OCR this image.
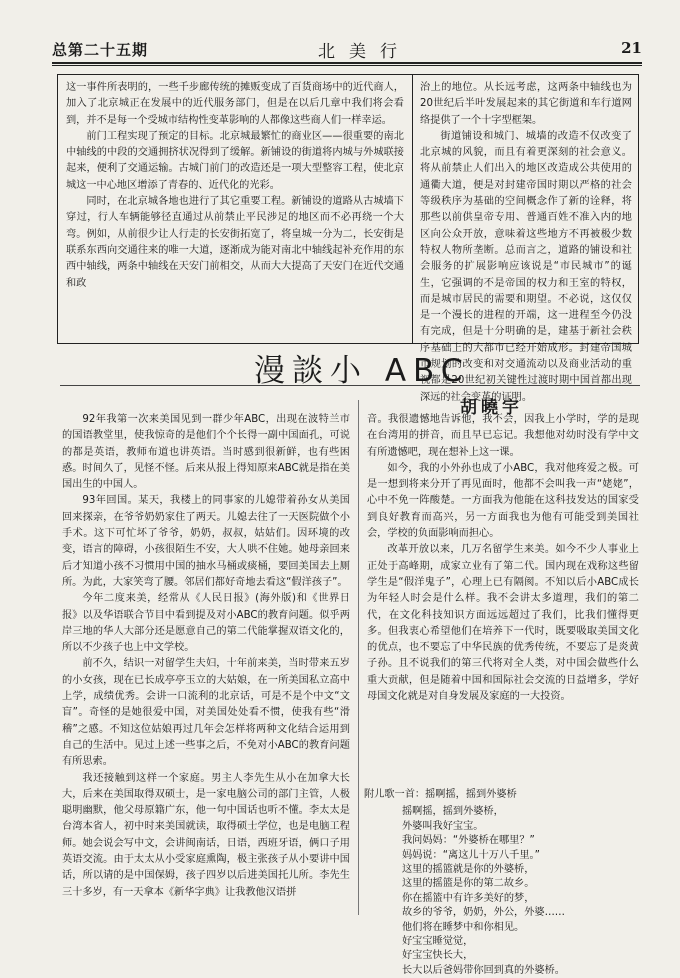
总第二十五期	北美行	21

这一事件所表明的，一些千步廊传统的摊贩变成了百货商场中的近代商人，加入了北京城正在发展中的近代服务部门，但是在以后几章中我们将会看到，并不是每一个受城市结构性变革影响的人都像这些商人们一样幸运。

前门工程实现了预定的目标。北京城最繁忙的商业区——很重要的南北中轴线的中段的交通拥挤状况得到了缓解。新铺设的街道将内城与外城联接起来，便利了交通运输。古城门前门的改造还是一项大型整容工程，使北京城这一中心地区增添了青春的、近代化的光彩。

同时，在北京城各地也进行了其它重要工程。新铺设的道路从古城墙下穿过，行人车辆能够径直通过从前禁止平民涉足的地区而不必再绕一个大弯。例如，从前很少让人行走的长安街拓宽了，将皇城一分为二，长安街是联系东西向交通往来的唯一大道，逐渐成为能对南北中轴线起补充作用的东西中轴线，两条中轴线在天安门前相交，从而大大提高了天安门在近代交通和政

治上的地位。从长远考虑，这两条中轴线也为20世纪后半叶发展起来的其它街道和车行道网络提供了一个十字型框架。

街道铺设和城门、城墙的改造不仅改变了北京城的风貌，而且有着更深刻的社会意义。将从前禁止人们出入的地区改造成公共使用的通衢大道，便是对封建帝国时期以严格的社会等级秩序为基础的空间概念作了新的诠释，将那些以前供皇帝专用、普通百姓不准入内的地区向公众开放，意味着这些地方不再被极少数特权人物所垄断。总而言之，道路的铺设和社会服务的扩展影响应该说是“市民城市”的诞生，它强调的不是帝国的权力和王室的特权，而是城市居民的需要和期望。不必说，这仅仅是一个漫长的进程的开端，这一进程至今仍没有完成，但是十分明确的是，建基于新社会秩序基础上的大都市已经开始成形。封建帝国城市规划的改变和对交通流动以及商业活动的重视都是20世纪初关键性过渡时期中国首都出现深远的社会变革的证明。

漫談小 ABC
胡曉宇

92年我第一次来美国见到一群少年ABC，出现在波特兰市的国语教堂里，使我惊奇的是他们个个长得一副中国面孔，可说的都是英语，教师布道也讲英语。当时感到很新鲜，也有些困惑。时间久了，见怪不怪。后来从报上得知原来ABC就是指在美国出生的中国人。

93年回国。某天，我楼上的同事家的儿媳带着孙女从美国回来探亲，在爷爷奶奶家住了两天。儿媳去往了一天医院做个小手术。这下可忙坏了爷爷，奶奶，叔叔，姑姑们。因环境的改变，语言的障碍，小孩很陌生不安，大人哄不住她。她母亲回来后才知道小孩不习惯用中国的抽水马桶或痰桶，要回美国去上厕所。为此，大家笑弯了腰。邻居们都好奇地去看这“假洋孩子”。

今年二度来美，经常从《人民日报》(海外版)和《世界日报》以及华语联合节目中看到提及对小ABC的教育问题。似乎两岸三地的华人大部分还是愿意自己的第二代能掌握双语文化的，所以不少孩子也上中文学校。

前不久，结识一对留学生夫妇，十年前来美，当时带来五岁的小女孩，现在已长成亭亭玉立的大姑娘，在一所美国私立高中上学，成绩优秀。会讲一口流利的北京话，可是不是个中文“文盲”。奇怪的是她很爱中国，对美国处处看不惯，使我有些“滑稽”之感。不知这位姑娘再过几年会怎样将两种文化结合运用到自己的生活中。见过上述一些事之后，不免对小ABC的教育问题有所思索。

我还接触到这样一个家庭。男主人李先生从小在加拿大长大，后来在美国取得双硕士，是一家电脑公司的部门主管，人极聪明幽默，他父母原籍广东，他一句中国话也听不懂。李太太是台湾本省人，初中时来美国就读，取得硕士学位，也是电脑工程师。她会说会写中文，会讲闽南话，日语，西班牙语，俩口子用英语交流。由于太太从小受家庭熏陶，极主张孩子从小要讲中国话，所以请的是中国保姆，孩子四岁以后进美国托儿所。李先生三十多岁，有一天拿本《新华字典》让我教他汉语拼

音。我很遗憾地告诉他，我不会，因我上小学时，学的是现在台湾用的拼音，而且早已忘记。我想他对幼时没有学中文有所遗憾吧，现在想补上这一课。

如今，我的小外孙也成了小ABC，我对他疼爱之极。可是一想到将来分开了再见面时，他都不会叫我一声“姥姥”，心中不免一阵酸楚。一方面我为他能在这科技发达的国家受到良好教育而高兴，另一方面我也为他有可能受到美国社会，学校的负面影响而担心。

改革开放以来，几万名留学生来美。如今不少人事业上正处于高峰期，成家立业有了第二代。国内现在戏称这些留学生是“假洋鬼子”，心理上已有隔阂。不知以后小ABC成长为年轻人时会是什么样。我不会讲太多道理，我们的第二代，在文化科技知识方面远远超过了我们，比我们懂得更多。但我衷心希望他们在培养下一代时，既要吸取美国文化的优点，也不要忘了中华民族的优秀传统，不要忘了是炎黄子孙。且不说我们的第三代将对全人类，对中国会做些什么重大贡献，但是随着中国和国际社会交流的日益增多，学好母国文化就是对自身发展及家庭的一大投资。

附儿歌一首：摇啊摇，摇到外婆桥
摇啊摇，摇到外婆桥，
外婆叫我好宝宝。
我问妈妈：“外婆桥在哪里？”
妈妈说：“离这儿十万八千里。”
这里的摇篮就是你的外婆桥，
这里的摇篮是你的第二故乡。
你在摇篮中有许多美好的梦，
故乡的爷爷，奶奶，外公，外婆……
他们将在睡梦中和你相见。
好宝宝睡觉觉，
好宝宝快长大，
长大以后爸妈带你回到真的外婆桥。
